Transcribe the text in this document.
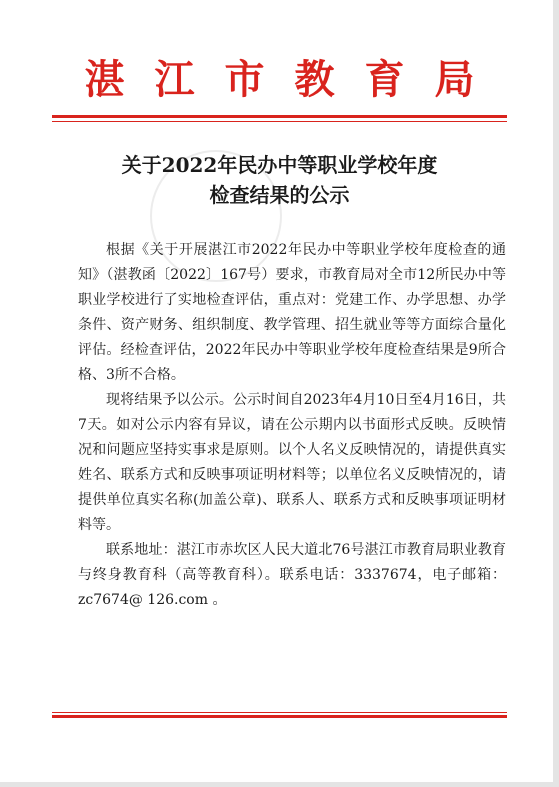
湛江市教育局
关于2022年民办中等职业学校年度
检查结果的公示

根据《关于开展湛江市2022年民办中等职业学校年度检查的通知》（湛教函〔2022〕167号）要求，市教育局对全市12所民办中等职业学校进行了实地检查评估，重点对：党建工作、办学思想、办学条件、资产财务、组织制度、教学管理、招生就业等等方面综合量化评估。经检查评估，2022年民办中等职业学校年度检查结果是9所合格、3所不合格。

现将结果予以公示。公示时间自2023年4月10日至4月16日，共7天。如对公示内容有异议，请在公示期内以书面形式反映。反映情况和问题应坚持实事求是原则。以个人名义反映情况的，请提供真实姓名、联系方式和反映事项证明材料等；以单位名义反映情况的，请提供单位真实名称(加盖公章)、联系人、联系方式和反映事项证明材料等。

联系地址：湛江市赤坎区人民大道北76号湛江市教育局职业教育与终身教育科（高等教育科）。联系电话：3337674，电子邮箱：zc7674@ 126.com 。
